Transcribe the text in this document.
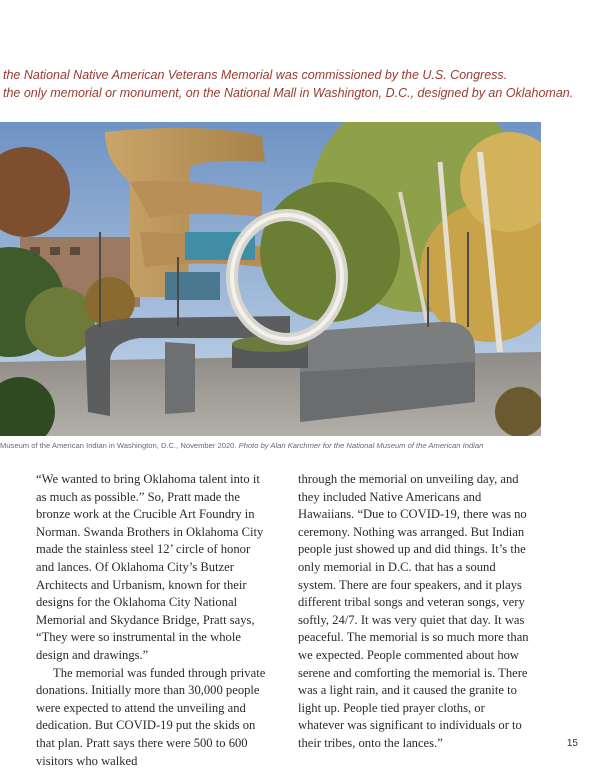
the National Native American Veterans Memorial was commissioned by the U.S. Congress.
the only memorial or monument, on the National Mall in Washington, D.C., designed by an Oklahoman.
Museum of the American Indian in Washington, D.C., November 2020. Photo by Alan Karchmer for the National Museum of the American Indian

“We wanted to bring Oklahoma talent into it as much as possible.” So, Pratt made the bronze work at the Crucible Art Foundry in Norman. Swanda Brothers in Oklahoma City made the stainless steel 12’ circle of honor and lances. Of Oklahoma City’s Butzer Architects and Urbanism, known for their designs for the Oklahoma City National Memorial and Skydance Bridge, Pratt says, “They were so instrumental in the whole design and drawings.”

The memorial was funded through private donations. Initially more than 30,000 people were expected to attend the unveiling and dedication. But COVID-19 put the skids on that plan. Pratt says there were 500 to 600 visitors who walked

through the memorial on unveiling day, and they included Native Americans and Hawaiians. “Due to COVID-19, there was no ceremony. Nothing was arranged. But Indian people just showed up and did things. It’s the only memorial in D.C. that has a sound system. There are four speakers, and it plays different tribal songs and veteran songs, very softly, 24/7. It was very quiet that day. It was peaceful. The memorial is so much more than we expected. People commented about how serene and comforting the memorial is. There was a light rain, and it caused the granite to light up. People tied prayer cloths, or whatever was significant to individuals or to their tribes, onto the lances.”	15
